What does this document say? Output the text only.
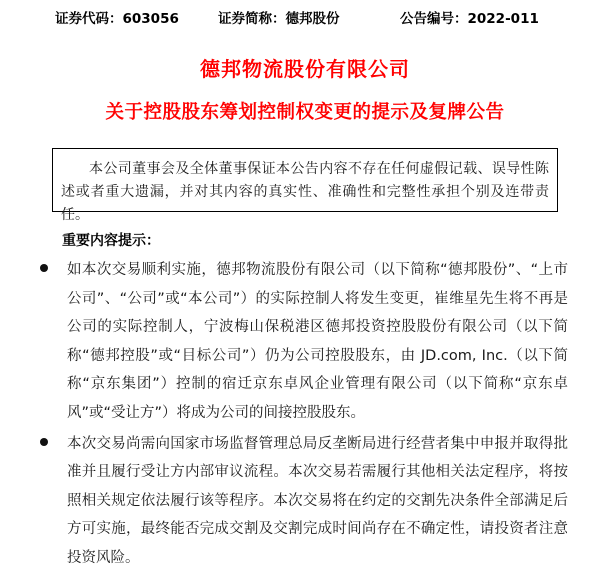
证券代码：603056	证券简称：德邦股份	公告编号：2022-011
德邦物流股份有限公司
关于控股股东筹划控制权变更的提示及复牌公告

本公司董事会及全体董事保证本公告内容不存在任何虚假记载、误导性陈述或者重大遗漏，并对其内容的真实性、准确性和完整性承担个别及连带责任。

重要内容提示：
如本次交易顺利实施，德邦物流股份有限公司（以下简称“德邦股份”、“上市公司”、“公司”或“本公司”）的实际控制人将发生变更，崔维星先生将不再是公司的实际控制人，宁波梅山保税港区德邦投资控股股份有限公司（以下简称“德邦控股”或“目标公司”）仍为公司控股股东，由 JD.com, Inc.（以下简称“京东集团”）控制的宿迁京东卓风企业管理有限公司（以下简称“京东卓风”或“受让方”）将成为公司的间接控股股东。
本次交易尚需向国家市场监督管理总局反垄断局进行经营者集中申报并取得批准并且履行受让方内部审议流程。本次交易若需履行其他相关法定程序，将按照相关规定依法履行该等程序。本次交易将在约定的交割先决条件全部满足后方可实施，最终能否完成交割及交割完成时间尚存在不确定性，请投资者注意投资风险。
